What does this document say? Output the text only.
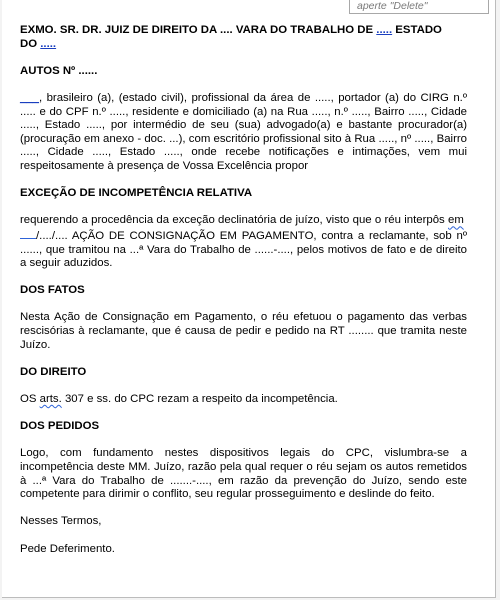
aperte "Delete"

EXMO. SR. DR. JUIZ DE DIREITO DA .... VARA DO TRABALHO DE ..... ESTADO
DO .....

AUTOS Nº ......

___, brasileiro (a), (estado civil), profissional da área de ....., portador (a) do CIRG n.º ..... e do CPF n.º ....., residente e domiciliado (a) na Rua ....., n.º ....., Bairro ....., Cidade ....., Estado ....., por intermédio de seu (sua) advogado(a) e bastante procurador(a) (procuração em anexo - doc. ...), com escritório profissional sito à Rua ....., nº ....., Bairro ....., Cidade ....., Estado ....., onde recebe notificações e intimações, vem mui respeitosamente à presença de Vossa Excelência propor

EXCEÇÃO DE INCOMPETÊNCIA RELATIVA

requerendo a procedência da exceção declinatória de juízo, visto que o réu interpôs em /..../.... AÇÃO DE CONSIGNAÇÃO EM PAGAMENTO, contra a reclamante, sob nº ......, que tramitou na ...ª Vara do Trabalho de ......-...., pelos motivos de fato e de direito a seguir aduzidos.

DOS FATOS

Nesta Ação de Consignação em Pagamento, o réu efetuou o pagamento das verbas rescisórias à reclamante, que é causa de pedir e pedido na RT ........ que tramita neste Juízo.

DO DIREITO

OS arts. 307 e ss. do CPC rezam a respeito da incompetência.

DOS PEDIDOS

Logo, com fundamento nestes dispositivos legais do CPC, vislumbra-se a incompetência deste MM. Juízo, razão pela qual requer o réu sejam os autos remetidos à ...ª Vara do Trabalho de .......-...., em razão da prevenção do Juízo, sendo este competente para dirimir o conflito, seu regular prosseguimento e deslinde do feito.

Nesses Termos,

Pede Deferimento.
